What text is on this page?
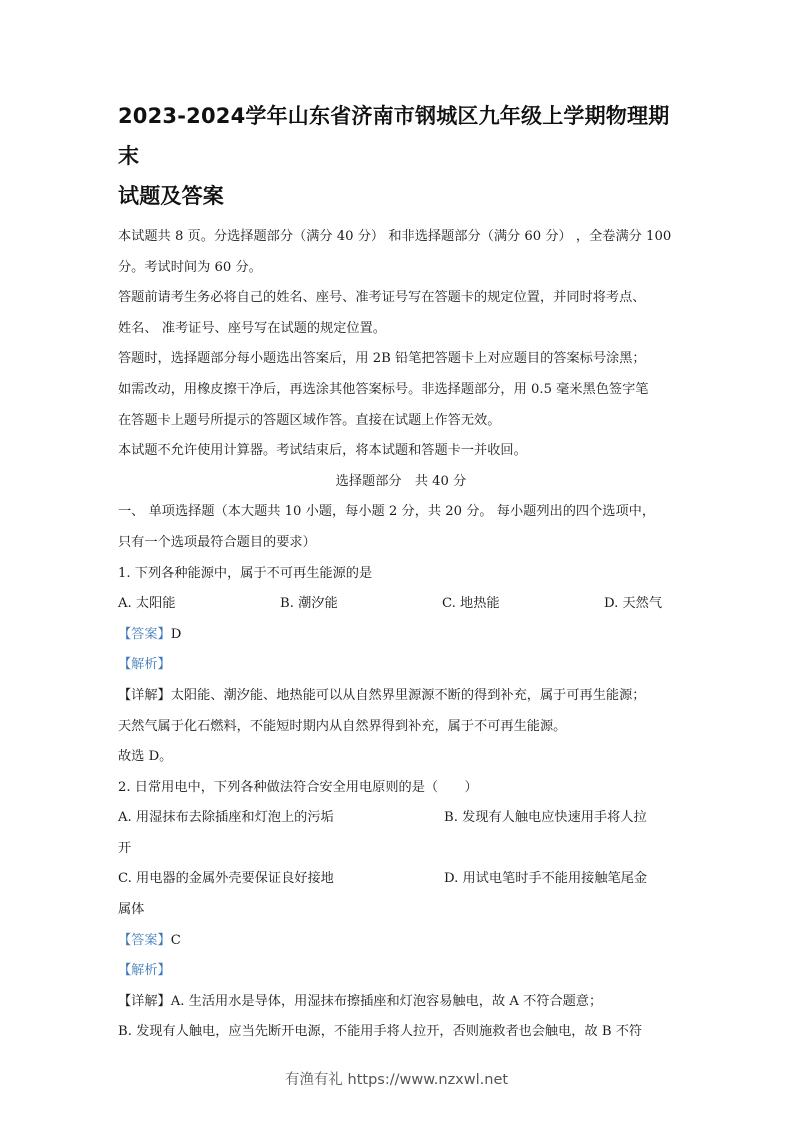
2023-2024学年山东省济南市钢城区九年级上学期物理期末
试题及答案

本试题共 8 页。分选择题部分（满分 40 分） 和非选择题部分（满分 60 分） ，全卷满分 100

分。考试时间为 60 分。

答题前请考生务必将自己的姓名、座号、准考证号写在答题卡的规定位置，并同时将考点、

姓名、 准考证号、座号写在试题的规定位置。

答题时，选择题部分每小题选出答案后，用 2B 铅笔把答题卡上对应题目的答案标号涂黑；

如需改动，用橡皮擦干净后，再选涂其他答案标号。非选择题部分，用 0.5 毫米黑色签字笔

在答题卡上题号所提示的答题区域作答。直接在试题上作答无效。

本试题不允许使用计算器。考试结束后，将本试题和答题卡一并收回。

选择题部分　共 40 分

一、 单项选择题（本大题共 10 小题，每小题 2 分，共 20 分。 每小题列出的四个选项中，

只有一个选项最符合题目的要求）

1. 下列各种能源中，属于不可再生能源的是

A. 太阳能	B. 潮汐能	C. 地热能	D. 天然气

【答案】D

【解析】

【详解】太阳能、潮汐能、地热能可以从自然界里源源不断的得到补充，属于可再生能源；

天然气属于化石燃料，不能短时期内从自然界得到补充，属于不可再生能源。

故选 D。

2. 日常用电中，下列各种做法符合安全用电原则的是（　　）

A. 用湿抹布去除插座和灯泡上的污垢	B. 发现有人触电应快速用手将人拉

开

C. 用电器的金属外壳要保证良好接地	D. 用试电笔时手不能用接触笔尾金

属体

【答案】C

【解析】

【详解】A. 生活用水是导体，用湿抹布擦插座和灯泡容易触电，故 A 不符合题意；

B. 发现有人触电，应当先断开电源，不能用手将人拉开，否则施救者也会触电，故 B 不符

有渔有礼 https://www.nzxwl.net
